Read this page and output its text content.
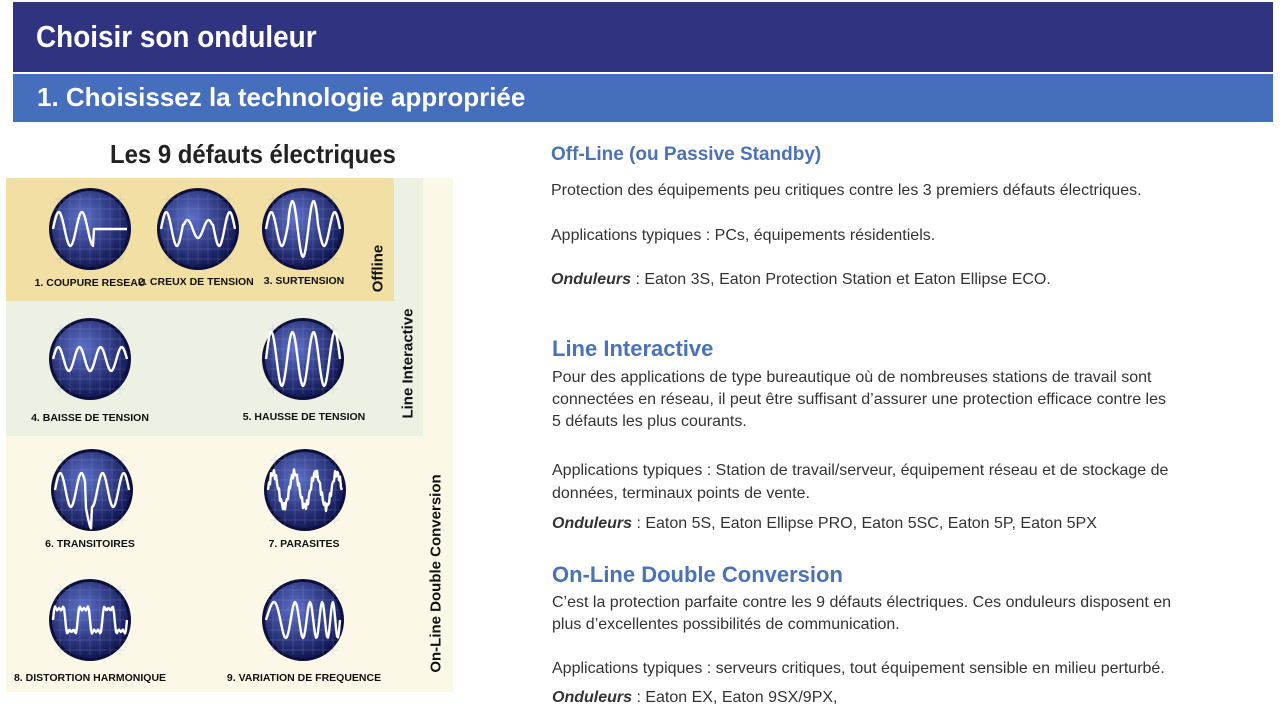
Choisir son onduleur
1. Choisissez la technologie appropriée
Les 9 défauts électriques
Offline
Line Interactive
On-Line Double Conversion
1. COUPURE RESEAU
2. CREUX DE TENSION 3. SURTENSION
4. BAISSE DE TENSION	5. HAUSSE DE TENSION
6. TRANSITOIRES	7. PARASITES
8. DISTORTION HARMONIQUE	9. VARIATION DE FREQUENCE
Off-Line (ou Passive Standby)
Protection des équipements peu critiques contre les 3 premiers défauts électriques.
Applications typiques : PCs, équipements résidentiels.
Onduleurs : Eaton 3S, Eaton Protection Station et Eaton Ellipse ECO.
Line Interactive
Pour des applications de type bureautique où de nombreuses stations de travail sont
connectées en réseau, il peut être suffisant d’assurer une protection efficace contre les
5 défauts les plus courants.
Applications typiques : Station de travail/serveur, équipement réseau et de stockage de
données, terminaux points de vente.
Onduleurs : Eaton 5S, Eaton Ellipse PRO, Eaton 5SC, Eaton 5P, Eaton 5PX
On-Line Double Conversion
C’est la protection parfaite contre les 9 défauts électriques. Ces onduleurs disposent en
plus d’excellentes possibilités de communication.
Applications typiques : serveurs critiques, tout équipement sensible en milieu perturbé.
Onduleurs : Eaton EX, Eaton 9SX/9PX,
